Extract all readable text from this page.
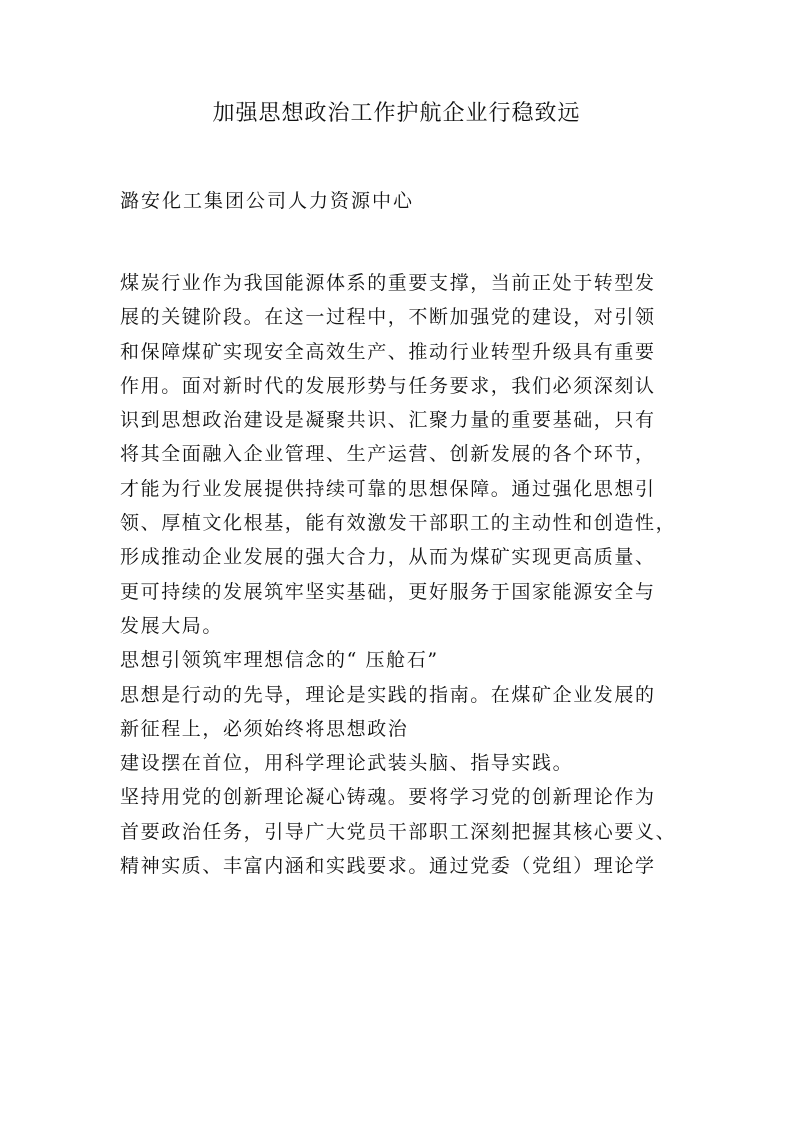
加强思想政治工作护航企业行稳致远

潞安化工集团公司人力资源中心

煤炭行业作为我国能源体系的重要支撑，当前正处于转型发
展的关键阶段。在这一过程中，不断加强党的建设，对引领
和保障煤矿实现安全高效生产、推动行业转型升级具有重要
作用。面对新时代的发展形势与任务要求，我们必须深刻认
识到思想政治建设是凝聚共识、汇聚力量的重要基础，只有
将其全面融入企业管理、生产运营、创新发展的各个环节，
才能为行业发展提供持续可靠的思想保障。通过强化思想引
领、厚植文化根基，能有效激发干部职工的主动性和创造性，
形成推动企业发展的强大合力，从而为煤矿实现更高质量、
更可持续的发展筑牢坚实基础，更好服务于国家能源安全与
发展大局。
思想引领筑牢理想信念的“ 压舱石”
思想是行动的先导，理论是实践的指南。在煤矿企业发展的
新征程上，必须始终将思想政治
建设摆在首位，用科学理论武装头脑、指导实践。
坚持用党的创新理论凝心铸魂。要将学习党的创新理论作为
首要政治任务，引导广大党员干部职工深刻把握其核心要义、
精神实质、丰富内涵和实践要求。通过党委（党组）理论学
